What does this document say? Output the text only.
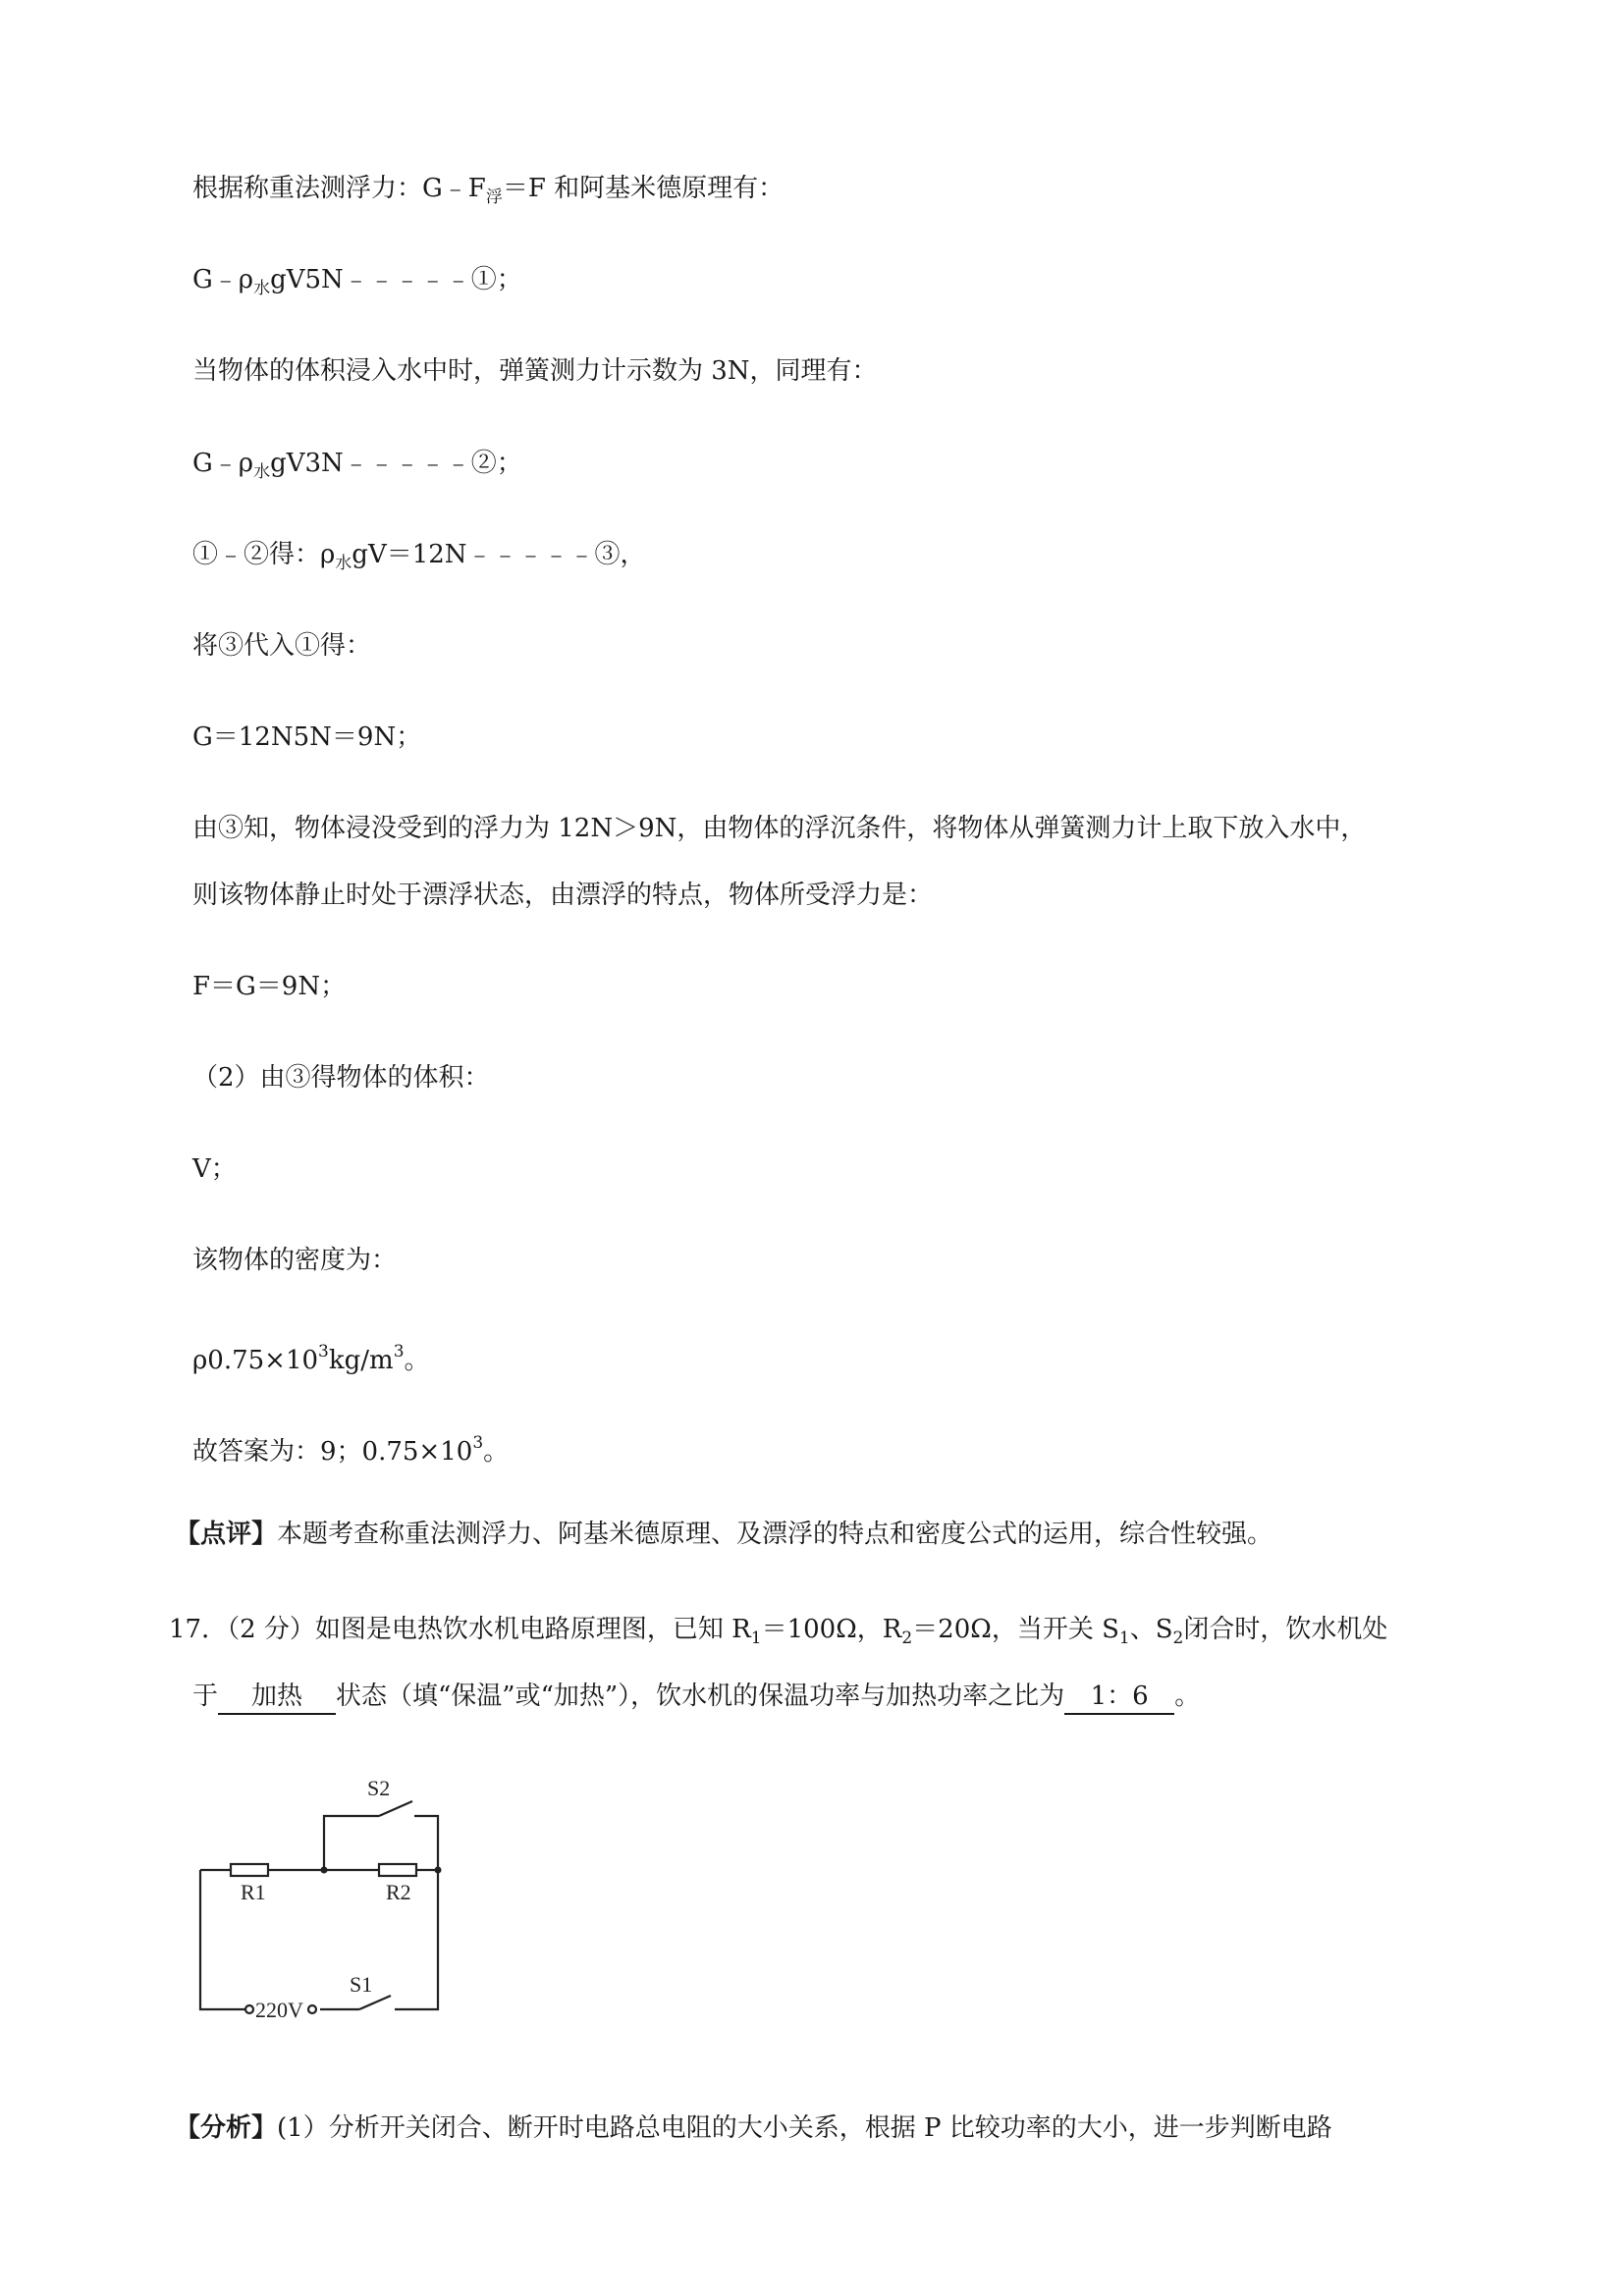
根据称重法测浮力：$G﹣F_浮=F$ 和阿基米德原理有：
$G﹣\rho_水gV5N﹣﹣﹣﹣﹣①$；
当物体的体积浸入水中时，弹簧测力计示数为 3N，同理有：
$G﹣\rho_水gV3N﹣﹣﹣﹣﹣②$；
①﹣②得：$\rho_水gV=12N﹣﹣﹣﹣﹣③$，
将③代入①得：
G＝12N5N＝9N；
由③知，物体浸没受到的浮力为 12N＞9N，由物体的浮沉条件，将物体从弹簧测力计上取下放入水中，
则该物体静止时处于漂浮状态，由漂浮的特点，物体所受浮力是：
F＝G＝9N；
（2）由③得物体的体积：
V；
该物体的密度为：
$\rho 0.75\times 10^3kg/m^3$。
故答案为：9；$0.75\times 10^3$。
【点评】本题考查称重法测浮力、阿基米德原理、及漂浮的特点和密度公式的运用，综合性较强。
17．（2 分）如图是电热饮水机电路原理图，已知 $R_1=100\Omega$，$R_2=20\Omega$，当开关 $S_1$、$S_2$闭合时，饮水机处
于 加热 状态（填“保温”或“加热”），饮水机的保温功率与加热功率之比为 1：6 。
R1	R2
S2
S1
220V
【分析】(1）分析开关闭合、断开时电路总电阻的大小关系，根据 P 比较功率的大小，进一步判断电路
